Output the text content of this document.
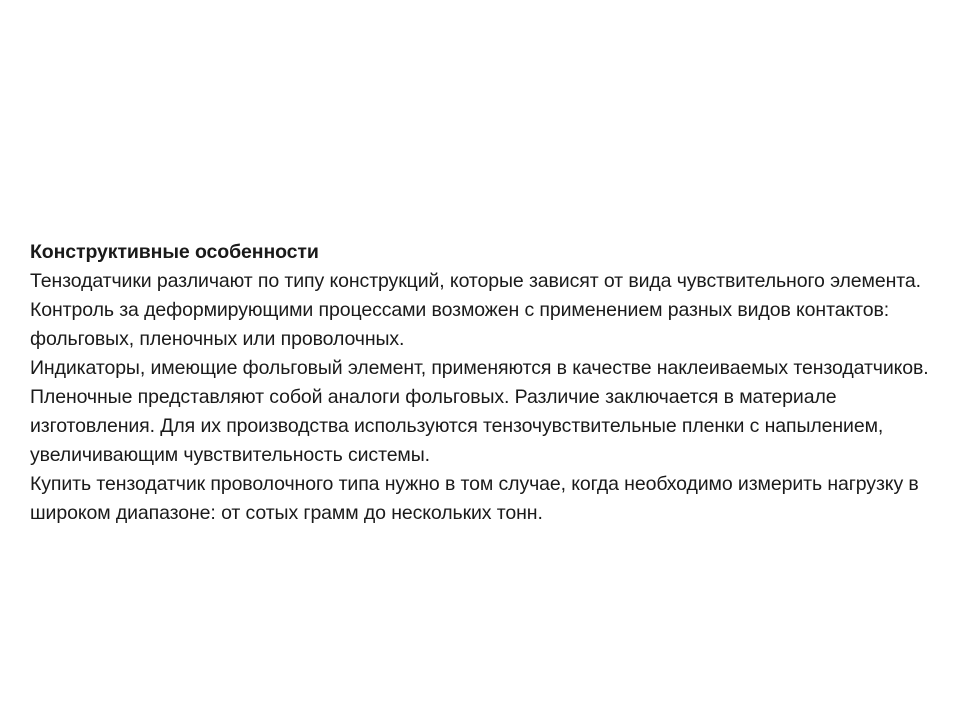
Конструктивные особенности

Тензодатчики различают по типу конструкций, которые зависят от вида чувствительного элемента. Контроль за деформирующими процессами возможен с применением разных видов контактов: фольговых, пленочных или проволочных.

Индикаторы, имеющие фольговый элемент, применяются в качестве наклеиваемых тензодатчиков. Пленочные представляют собой аналоги фольговых. Различие заключается в материале изготовления. Для их производства используются тензочувствительные пленки с напылением, увеличивающим чувствительность системы.

Купить тензодатчик проволочного типа нужно в том случае, когда необходимо измерить нагрузку в широком диапазоне: от сотых грамм до нескольких тонн.
